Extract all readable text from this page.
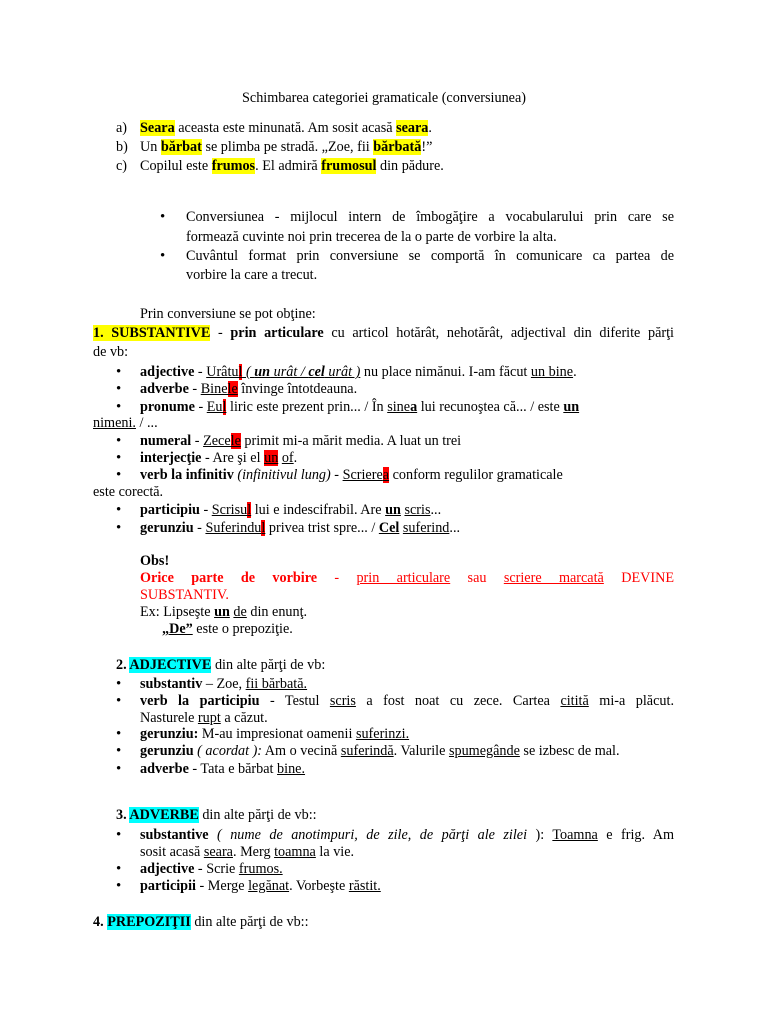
Schimbarea categoriei gramaticale (conversiunea)
a) Seara aceasta este minunată. Am sosit acasă seara.
b) Un bărbat se plimba pe stradă. „Zoe, fii bărbată!”
c) Copilul este frumos. El admiră frumosul din pădure.
•
Conversiunea - mijlocul intern de îmbogăţire a vocabularului prin care se
formează cuvinte noi prin trecerea de la o parte de vorbire la alta.
•
Cuvântul format prin conversiune se comportă în comunicare ca partea de
vorbire la care a trecut.
Prin conversiune se pot obţine:
1. SUBSTANTIVE - prin articulare cu articol hotărât, nehotărât, adjectival din diferite părţi
de vb:
•
adjective - Urâtul ( un urât / cel urât ) nu place nimănui. I-am făcut un bine.
•
adverbe - Binele învinge întotdeauna.
•
pronume - Eul liric este prezent prin... / În sinea lui recunoştea că... / este un
nimeni. / ...
•
numeral - Zecele primit mi-a mărit media. A luat un trei
•
interjecţie - Are şi el un of.
•
verb la infinitiv (infinitivul lung) - Scrierea conform regulilor gramaticale
este corectă.
•
participiu - Scrisul lui e indescifrabil. Are un scris...
•
gerunziu - Suferindul privea trist spre... / Cel suferind...
Obs!
Orice parte de vorbire - prin articulare sau scriere marcată DEVINE
SUBSTANTIV.
Ex: Lipseşte un de din enunţ.
„De” este o prepoziţie.
2. ADJECTIVE din alte părţi de vb:
•
substantiv – Zoe, fii bărbată.
•
verb la participiu - Testul scris a fost noat cu zece. Cartea citită mi-a plăcut.
Nasturele rupt a căzut.
•
gerunziu: M-au impresionat oamenii suferinzi.
•
gerunziu ( acordat ): Am o vecină suferindă. Valurile spumegânde se izbesc de mal.
•
adverbe - Tata e bărbat bine.
3. ADVERBE din alte părţi de vb::
•
substantive ( nume de anotimpuri, de zile, de părţi ale zilei ): Toamna e frig. Am
sosit acasă seara. Merg toamna la vie.
•
adjective - Scrie frumos.
•
participii - Merge legănat. Vorbeşte răstit.
4. PREPOZIŢII din alte părţi de vb::
